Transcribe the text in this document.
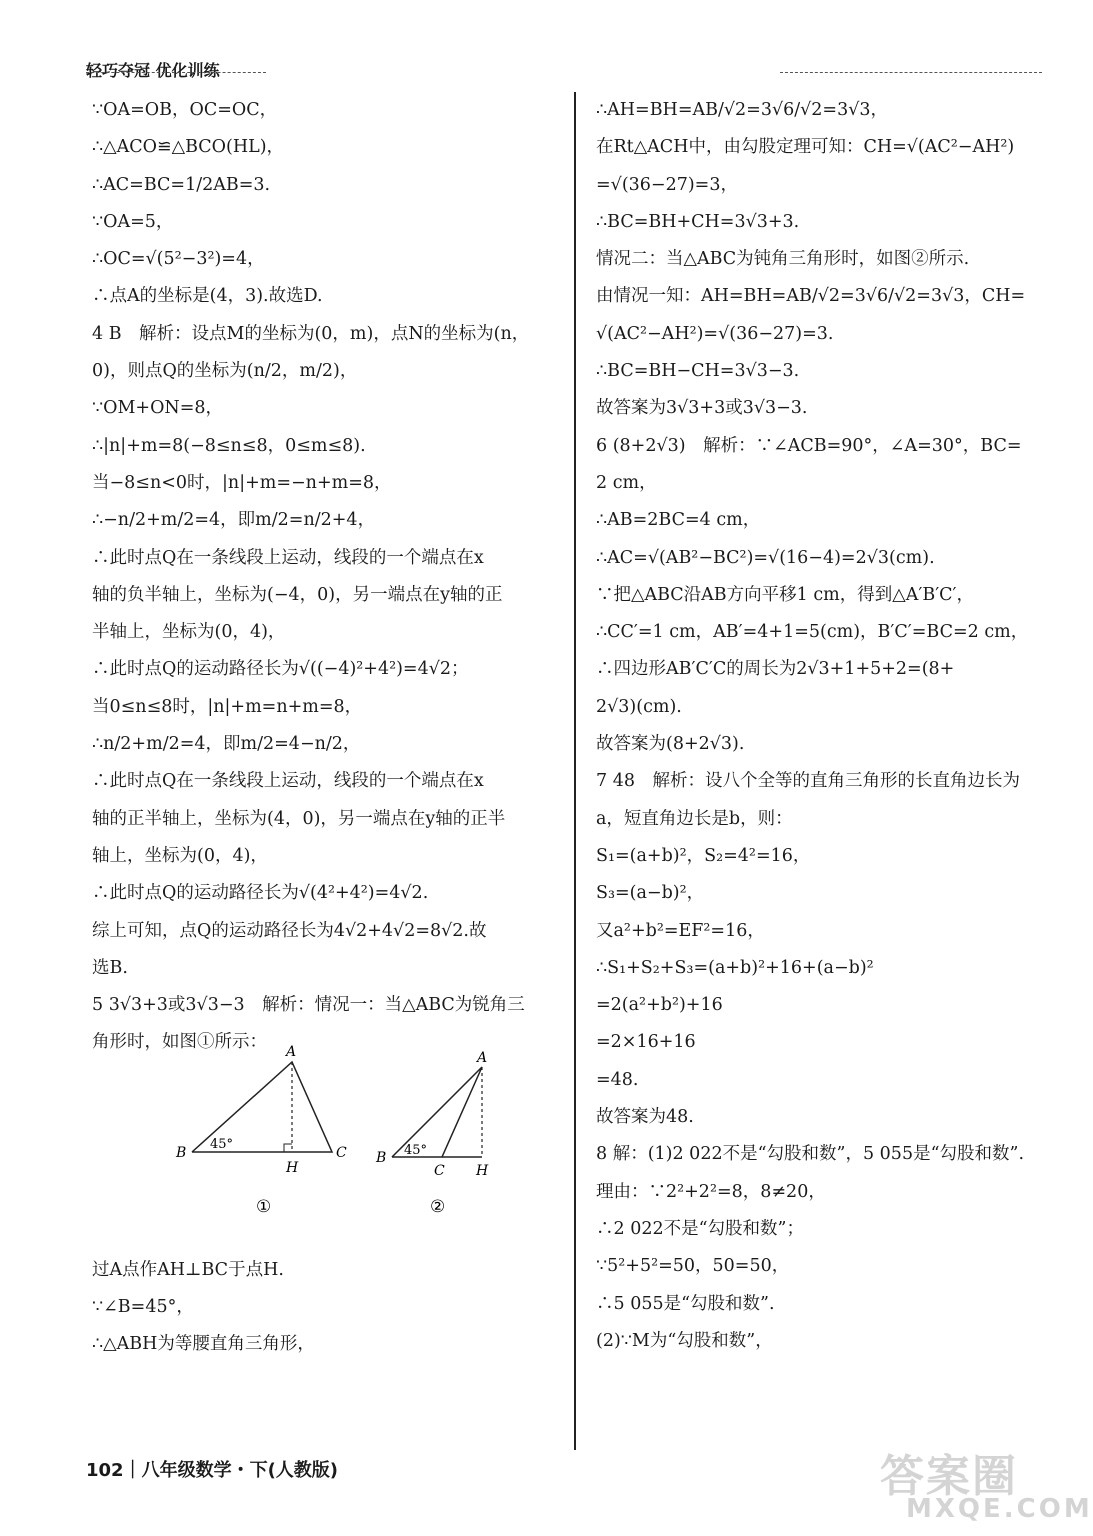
轻巧夺冠 优化训练
∵OA=OB，OC=OC，
∴△ACO≌△BCO(HL)，
∴AC=BC=1/2AB=3.
∵OA=5，
∴OC=√(5²−3²)=4，
∴点A的坐标是(4，3).故选D.
4 B　解析：设点M的坐标为(0，m)，点N的坐标为(n，
0)，则点Q的坐标为(n/2，m/2)，
∵OM+ON=8，
∴|n|+m=8(−8≤n≤8，0≤m≤8).
当−8≤n<0时，|n|+m=−n+m=8，
∴−n/2+m/2=4，即m/2=n/2+4，
∴此时点Q在一条线段上运动，线段的一个端点在x
轴的负半轴上，坐标为(−4，0)，另一端点在y轴的正
半轴上，坐标为(0，4)，
∴此时点Q的运动路径长为√((−4)²+4²)=4√2；
当0≤n≤8时，|n|+m=n+m=8，
∴n/2+m/2=4，即m/2=4−n/2，
∴此时点Q在一条线段上运动，线段的一个端点在x
轴的正半轴上，坐标为(4，0)，另一端点在y轴的正半
轴上，坐标为(0，4)，
∴此时点Q的运动路径长为√(4²+4²)=4√2.
综上可知，点Q的运动路径长为4√2+4√2=8√2.故
选B.
5 3√3+3或3√3−3　解析：情况一：当△ABC为锐角三
角形时，如图①所示：
B
A
C
H
45°
①
B
A
C H
45°
②
过A点作AH⊥BC于点H.
∵∠B=45°，
∴△ABH为等腰直角三角形，
∴AH=BH=AB/√2=3√6/√2=3√3，
在Rt△ACH中，由勾股定理可知：CH=√(AC²−AH²)
=√(36−27)=3，
∴BC=BH+CH=3√3+3.
情况二：当△ABC为钝角三角形时，如图②所示.
由情况一知：AH=BH=AB/√2=3√6/√2=3√3，CH=
√(AC²−AH²)=√(36−27)=3.
∴BC=BH−CH=3√3−3.
故答案为3√3+3或3√3−3.
6 (8+2√3)　解析：∵∠ACB=90°，∠A=30°，BC=
2 cm，
∴AB=2BC=4 cm，
∴AC=√(AB²−BC²)=√(16−4)=2√3(cm).
∵把△ABC沿AB方向平移1 cm，得到△A′B′C′，
∴CC′=1 cm，AB′=4+1=5(cm)，B′C′=BC=2 cm，
∴四边形AB′C′C的周长为2√3+1+5+2=(8+
2√3)(cm).
故答案为(8+2√3).
7 48　解析：设八个全等的直角三角形的长直角边长为
a，短直角边长是b，则：
S₁=(a+b)²，S₂=4²=16，
S₃=(a−b)²，
又a²+b²=EF²=16，
∴S₁+S₂+S₃=(a+b)²+16+(a−b)²
=2(a²+b²)+16
=2×16+16
=48.
故答案为48.
8 解：(1)2 022不是“勾股和数”，5 055是“勾股和数”.
理由：∵2²+2²=8，8≠20，
∴2 022不是“勾股和数”；
∵5²+5²=50，50=50，
∴5 055是“勾股和数”.
(2)∵M为“勾股和数”，
102｜八年级数学・下(人教版)	答案圈
MXQE.COM
